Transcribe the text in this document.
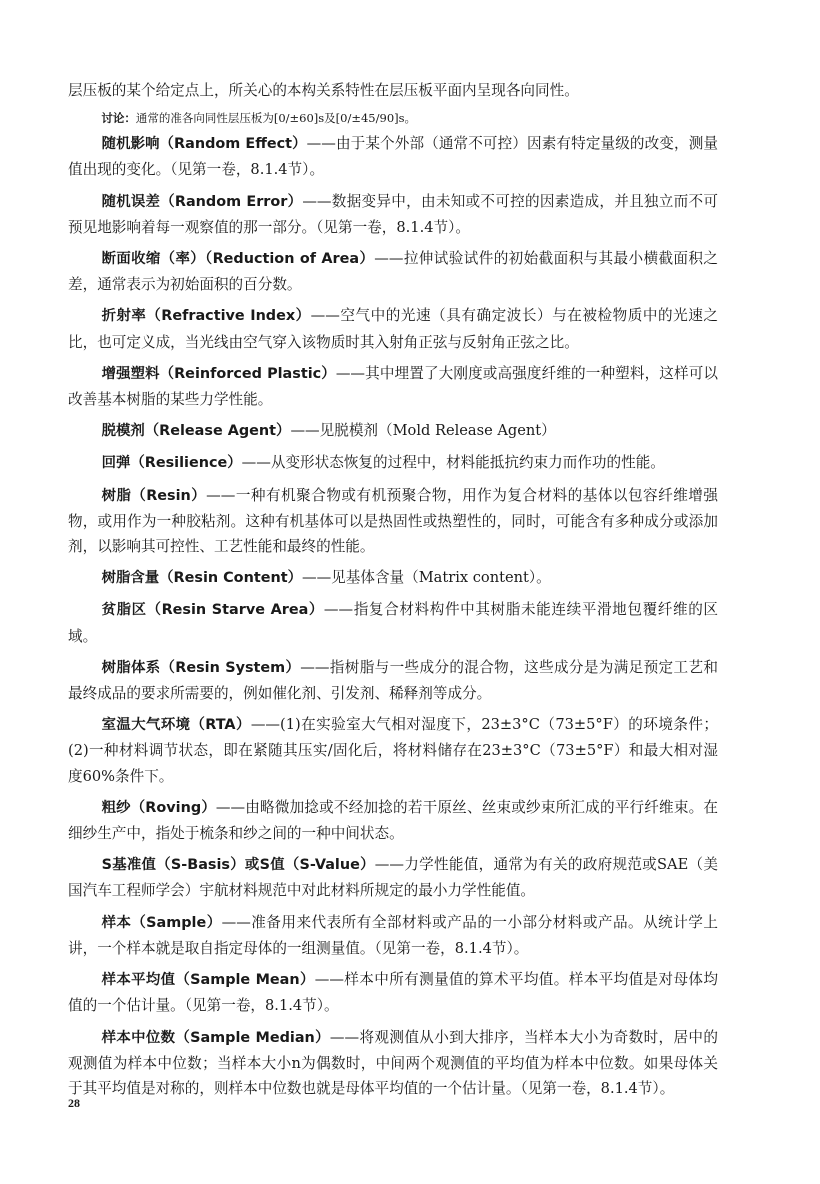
层压板的某个给定点上，所关心的本构关系特性在层压板平面内呈现各向同性。

讨论：通常的准各向同性层压板为[0/±60]s及[0/±45/90]s。

随机影响（Random Effect）——由于某个外部（通常不可控）因素有特定量级的改变，测量值出现的变化。（见第一卷，8.1.4节）。

随机误差（Random Error）——数据变异中，由未知或不可控的因素造成，并且独立而不可预见地影响着每一观察值的那一部分。（见第一卷，8.1.4节）。

断面收缩（率）（Reduction of Area）——拉伸试验试件的初始截面积与其最小横截面积之差，通常表示为初始面积的百分数。

折射率（Refractive Index）——空气中的光速（具有确定波长）与在被检物质中的光速之比，也可定义成，当光线由空气穿入该物质时其入射角正弦与反射角正弦之比。

增强塑料（Reinforced Plastic）——其中埋置了大刚度或高强度纤维的一种塑料，这样可以改善基本树脂的某些力学性能。

脱模剂（Release Agent）——见脱模剂（Mold Release Agent）

回弹（Resilience）——从变形状态恢复的过程中，材料能抵抗约束力而作功的性能。

树脂（Resin）——一种有机聚合物或有机预聚合物，用作为复合材料的基体以包容纤维增强物，或用作为一种胶粘剂。这种有机基体可以是热固性或热塑性的，同时，可能含有多种成分或添加剂，以影响其可控性、工艺性能和最终的性能。

树脂含量（Resin Content）——见基体含量（Matrix content）。

贫脂区（Resin Starve Area）——指复合材料构件中其树脂未能连续平滑地包覆纤维的区域。

树脂体系（Resin System）——指树脂与一些成分的混合物，这些成分是为满足预定工艺和最终成品的要求所需要的，例如催化剂、引发剂、稀释剂等成分。

室温大气环境（RTA）——(1)在实验室大气相对湿度下，23±3°C（73±5°F）的环境条件；(2)一种材料调节状态，即在紧随其压实/固化后，将材料储存在23±3°C（73±5°F）和最大相对湿度60%条件下。

粗纱（Roving）——由略微加捻或不经加捻的若干原丝、丝束或纱束所汇成的平行纤维束。在细纱生产中，指处于梳条和纱之间的一种中间状态。

S基准值（S-Basis）或S值（S-Value）——力学性能值，通常为有关的政府规范或SAE（美国汽车工程师学会）宇航材料规范中对此材料所规定的最小力学性能值。

样本（Sample）——准备用来代表所有全部材料或产品的一小部分材料或产品。从统计学上讲，一个样本就是取自指定母体的一组测量值。（见第一卷，8.1.4节）。

样本平均值（Sample Mean）——样本中所有测量值的算术平均值。样本平均值是对母体均值的一个估计量。（见第一卷，8.1.4节）。

样本中位数（Sample Median）——将观测值从小到大排序，当样本大小为奇数时，居中的观测值为样本中位数；当样本大小n为偶数时，中间两个观测值的平均值为样本中位数。如果母体关于其平均值是对称的，则样本中位数也就是母体平均值的一个估计量。（见第一卷，8.1.4节）。

28
